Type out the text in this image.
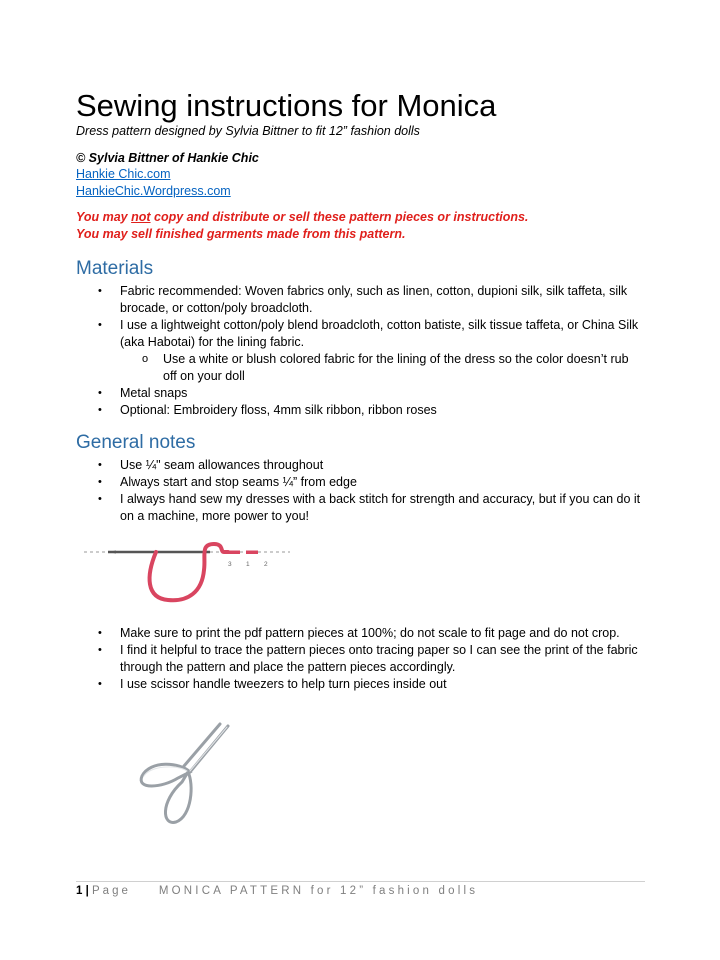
Sewing instructions for Monica
Dress pattern designed by Sylvia Bittner to fit 12” fashion dolls
© Sylvia Bittner of Hankie Chic
Hankie Chic.com
HankieChic.Wordpress.com
You may not copy and distribute or sell these pattern pieces or instructions.
You may sell finished garments made from this pattern.
Materials
• Fabric recommended: Woven fabrics only, such as linen, cotton, dupioni silk, silk taffeta, silk brocade, or cotton/poly broadcloth.
• I use a lightweight cotton/poly blend broadcloth, cotton batiste, silk tissue taffeta, or China Silk (aka Habotai) for the lining fabric.
o Use a white or blush colored fabric for the lining of the dress so the color doesn’t rub off on your doll
• Metal snaps
• Optional: Embroidery floss, 4mm silk ribbon, ribbon roses
General notes
• Use ¼" seam allowances throughout
• Always start and stop seams ¼” from edge
• I always hand sew my dresses with a back stitch for strength and accuracy, but if you can do it on a machine, more power to you!
3 1 2
• Make sure to print the pdf pattern pieces at 100%; do not scale to fit page and do not crop.
• I find it helpful to trace the pattern pieces onto tracing paper so I can see the print of the fabric through the pattern and place the pattern pieces accordingly.
• I use scissor handle tweezers to help turn pieces inside out
1 | Page MONICA PATTERN for 12” fashion dolls
